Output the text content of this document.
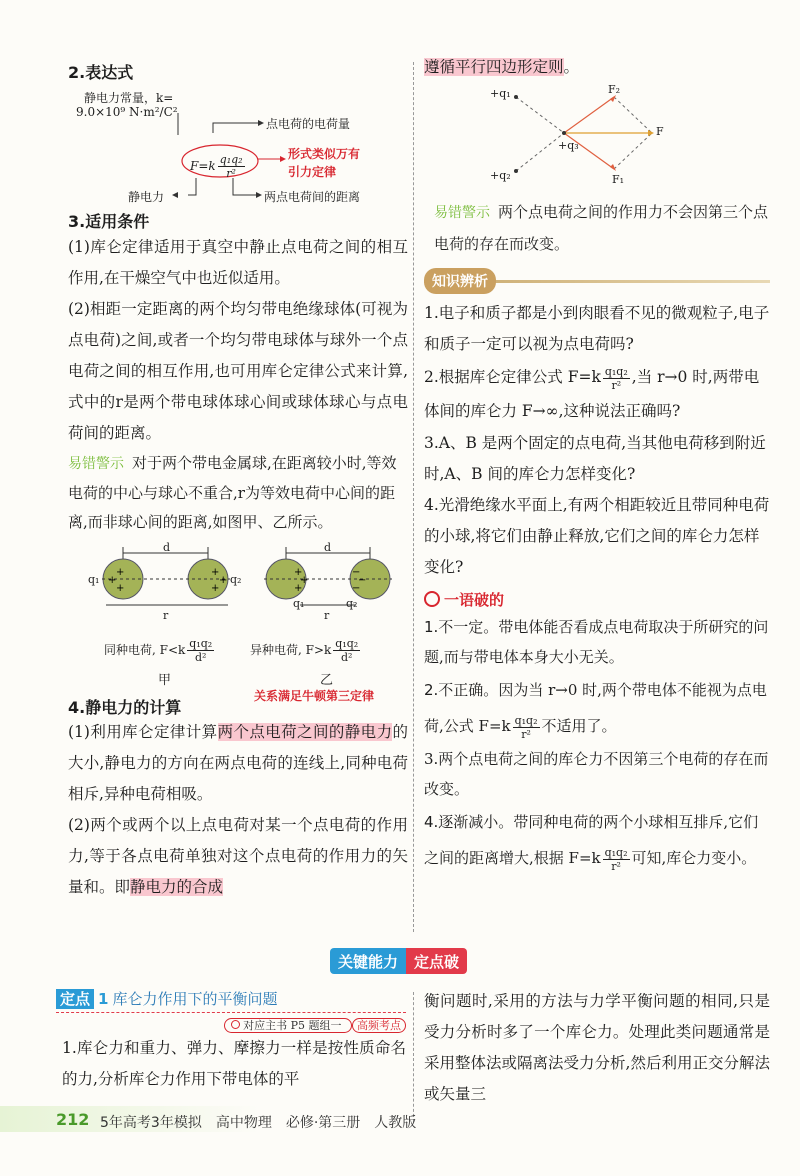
2.表达式

静电力常量，k=
9.0×10⁹ N·m²/C²
点电荷的电荷量
$F=k \frac{\text{q₁q₂}}{\text{r²}}$	形式类似万有
引力定律
静电力	两点电荷间的距离

3.适用条件

(1)库仑定律适用于真空中静止点电荷之间的相互作用,在干燥空气中也近似适用。

(2)相距一定距离的两个均匀带电绝缘球体(可视为点电荷)之间,或者一个均匀带电球体与球外一个点电荷之间的相互作用,也可用库仑定律公式来计算,式中的r是两个带电球体球心间或球体球心与点电荷间的距离。

易错警示 对于两个带电金属球,在距离较小时,等效电荷的中心与球心不重合,r为等效电荷中心间的距离,而非球心间的距离,如图甲、乙所示。

+
+
+
+
+
+
+
+
+
−
−
−
d
r
d
r
q₁	q₂
q₁	q₂
同种电荷, $F<k \frac{\text{q₁q₂}}{\text{d²}}$	异种电荷, $F>k \frac{\text{q₁q₂}}{\text{d²}}$
甲	乙

4.静电力的计算

关系满足牛顿第三定律

(1)利用库仑定律计算两个点电荷之间的静电力的大小,静电力的方向在两点电荷的连线上,同种电荷相斥,异种电荷相吸。

(2)两个或两个以上点电荷对某一个点电荷的作用力,等于各点电荷单独对这个点电荷的作用力的矢量和。即静电力的合成

遵循平行四边形定则。

+q₁
+q₂
+q₃
F₁
F₂
F

易错警示 两个点电荷之间的作用力不会因第三个点电荷的存在而改变。

知识辨析

1.电子和质子都是小到肉眼看不见的微观粒子,电子和质子一定可以视为点电荷吗?

2.根据库仑定律公式 $F=k \frac{\text{q₁q₂}}{\text{r²}}$ ,当 r→0 时,两带电体间的库仑力 F→∞,这种说法正确吗?

3.A、B 是两个固定的点电荷,当其他电荷移到附近时,A、B 间的库仑力怎样变化?

4.光滑绝缘水平面上,有两个相距较近且带同种电荷的小球,将它们由静止释放,它们之间的库仑力怎样变化?

一语破的

1.不一定。带电体能否看成点电荷取决于所研究的问题,而与带电体本身大小无关。

2.不正确。因为当 r→0 时,两个带电体不能视为点电荷,公式 $F=k \frac{\text{q₁q₂}}{\text{r²}}$ 不适用了。

3.两个点电荷之间的库仑力不因第三个电荷的存在而改变。

4.逐渐减小。带同种电荷的两个小球相互排斥,它们之间的距离增大,根据 $F=k \frac{\text{q₁q₂}}{\text{r²}}$ 可知,库仑力变小。

关键能力	定点破
定点 1 库仑力作用下的平衡问题
对应主书 P5 题组一 高频考点

1.库仑力和重力、弹力、摩擦力一样是按性质命名的力,分析库仑力作用下带电体的平

衡问题时,采用的方法与力学平衡问题的相同,只是受力分析时多了一个库仑力。处理此类问题通常是采用整体法或隔离法受力分析,然后利用正交分解法或矢量三

212 5年高考3年模拟 高中物理 必修·第三册 人教版
